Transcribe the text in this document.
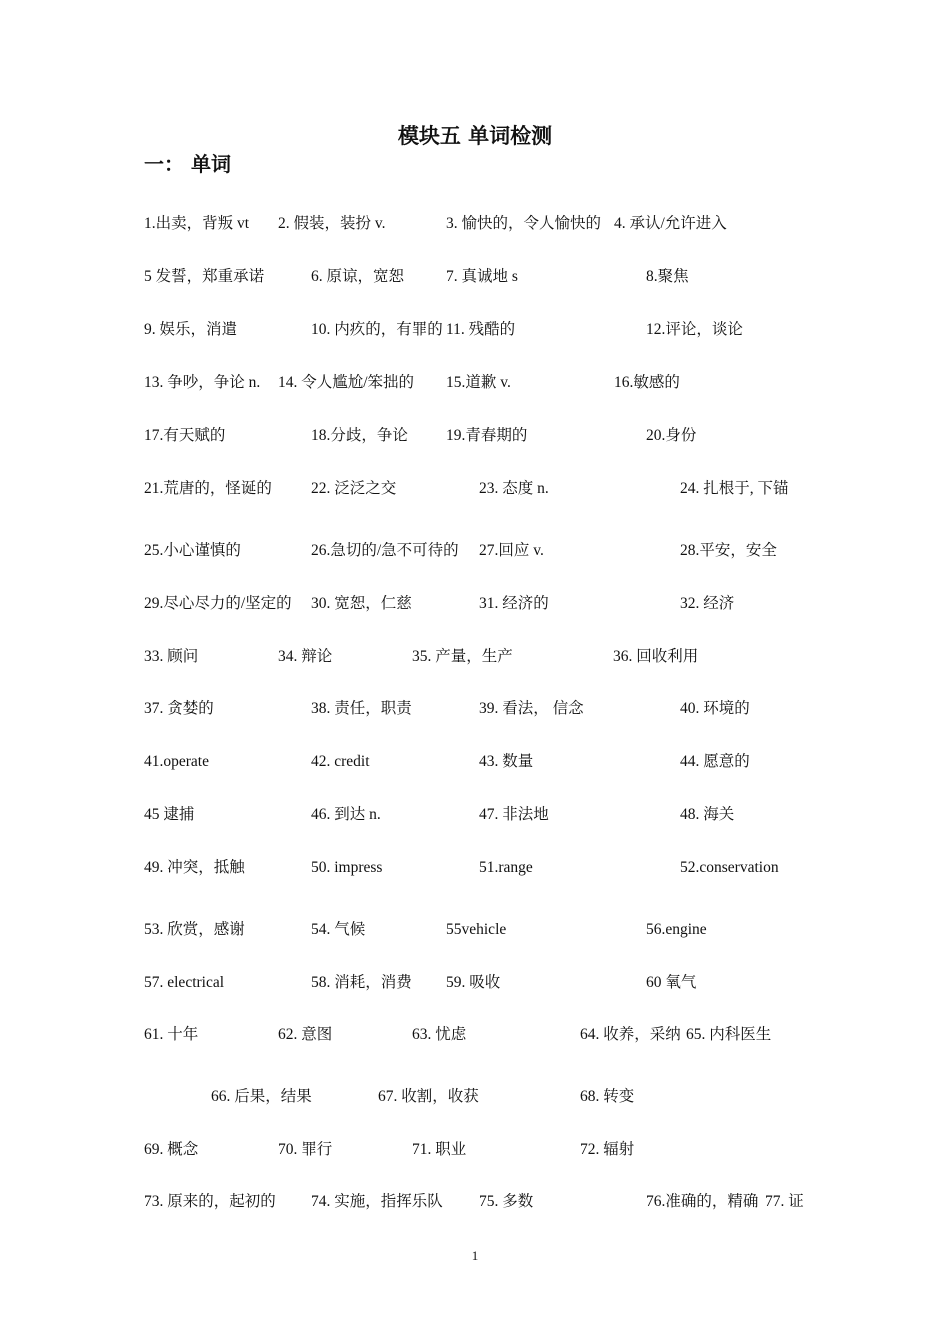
模块五 单词检测
一： 单词
1.出卖，背叛 vt 2. 假装，装扮 v.	3. 愉快的，令人愉快的 4. 承认/允许进入
5 发誓，郑重承诺	6. 原谅，宽恕	7. 真诚地 s	8.聚焦
9. 娱乐，消遣	10. 内疚的，有罪的 11. 残酷的	12.评论，谈论
13. 争吵，争论 n. 14. 令人尴尬/笨拙的 15.道歉 v.	16.敏感的
17.有天赋的	18.分歧，争论 19.青春期的	20.身份
21.荒唐的，怪诞的	22. 泛泛之交	23. 态度 n.	24. 扎根于, 下锚
25.小心谨慎的	26.急切的/急不可待的 27.回应 v.	28.平安，安全
29.尽心尽力的/坚定的 30. 宽恕，仁慈	31. 经济的	32. 经济
33. 顾问	34. 辩论	35. 产量，生产	36. 回收利用
37. 贪婪的	38. 责任，职责	39. 看法， 信念	40. 环境的
41.operate	42. credit	43. 数量	44. 愿意的
45 逮捕	46. 到达 n.	47. 非法地	48. 海关
49. 冲突，抵触	50. impress	51.range	52.conservation
53. 欣赏，感谢	54. 气候	55vehicle	56.engine
57. electrical	58. 消耗，消费 59. 吸收	60 氧气
61. 十年	62. 意图	63. 忧虑	64. 收养，采纳 65. 内科医生
66. 后果，结果	67. 收割，收获	68. 转变
69. 概念	70. 罪行	71. 职业	72. 辐射
73. 原来的，起初的 74. 实施，指挥乐队 75. 多数	76.准确的，精确 77. 证
1
